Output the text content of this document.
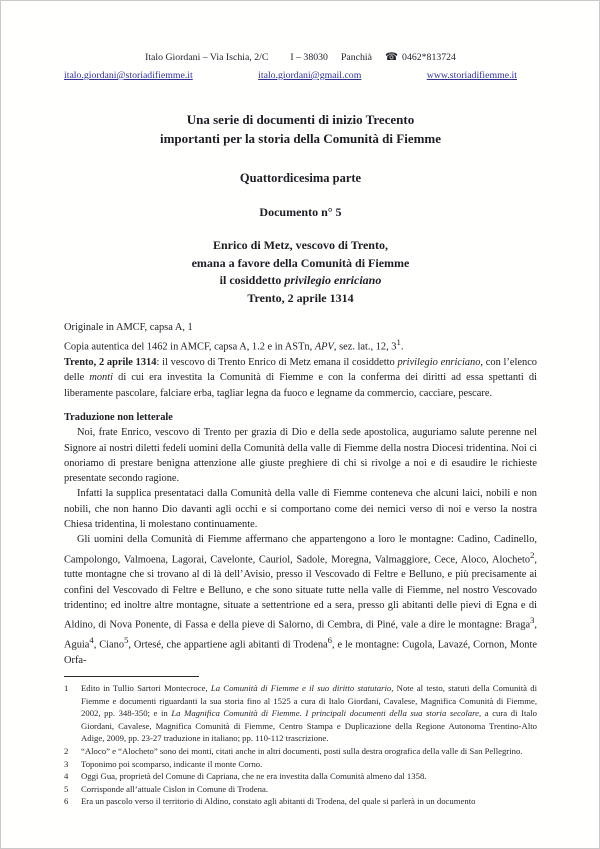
Italo Giordani – Via Ischia, 2/C I – 38030 Panchià ☎ 0462*813724
italo.giordani@storiadifiemme.it	italo.giordani@gmail.com	www.storiadifiemme.it
Una serie di documenti di inizio Trecento
importanti per la storia della Comunità di Fiemme
Quattordicesima parte
Documento n° 5
Enrico di Metz, vescovo di Trento,
emana a favore della Comunità di Fiemme
il cosiddetto privilegio enriciano
Trento, 2 aprile 1314
Originale in AMCF, capsa A, 1
Copia autentica del 1462 in AMCF, capsa A, 1.2 e in ASTn, APV, sez. lat., 12, $3^1$.
Trento, 2 aprile 1314: il vescovo di Trento Enrico di Metz emana il cosiddetto privilegio enriciano, con l’elenco delle monti di cui era investita la Comunità di Fiemme e con la conferma dei diritti ad essa spettanti di liberamente pascolare, falciare erba, tagliar legna da fuoco e legname da commercio, cacciare, pescare.
Traduzione non letterale

Noi, frate Enrico, vescovo di Trento per grazia di Dio e della sede apostolica, auguriamo salute perenne nel Signore ai nostri diletti fedeli uomini della Comunità della valle di Fiemme della nostra Diocesi tridentina. Noi ci onoriamo di prestare benigna attenzione alle giuste preghiere di chi si rivolge a noi e di esaudire le richieste presentate secondo ragione.

Infatti la supplica presentataci dalla Comunità della valle di Fiemme conteneva che alcuni laici, nobili e non nobili, che non hanno Dio davanti agli occhi e si comportano come dei nemici verso di noi e verso la nostra Chiesa tridentina, li molestano continuamente.

Gli uomini della Comunità di Fiemme affermano che appartengono a loro le montagne: Cadino, Cadinello, Campolongo, Valmoena, Lagorai, Cavelonte, Cauriol, Sadole, Moregna, Valmaggiore, Cece, Aloco, Alocheto$^2$, tutte montagne che si trovano al di là dell’Avisio, presso il Vescovado di Feltre e Belluno, e più precisamente ai confini del Vescovado di Feltre e Belluno, e che sono situate tutte nella valle di Fiemme, nel nostro Vescovado tridentino; ed inoltre altre montagne, situate a settentrione ed a sera, presso gli abitanti delle pievi di Egna e di Aldino, di Nova Ponente, di Fassa e della pieve di Salorno, di Cembra, di Piné, vale a dire le montagne: Braga$^3$, Aguia$^4$, Ciano$^5$, Ortesé, che appartiene agli abitanti di Trodena$^6$, e le montagne: Cugola, Lavazé, Cornon, Monte Orfa-

1	Edito in Tullio Sartori Montecroce, La Comunità di Fiemme e il suo diritto statutario, Note al testo, statuti della Comunità di Fiemme e documenti riguardanti la sua storia fino al 1525 a cura di Italo Giordani, Cavalese, Magnifica Comunità di Fiemme, 2002, pp. 348-350; e in La Magnifica Comunità di Fiemme. I principali documenti della sua storia secolare, a cura di Italo Giordani, Cavalese, Magnifica Comunità di Fiemme, Centro Stampa e Duplicazione della Regione Autonoma Trentino-Alto Adige, 2009, pp. 23-27 traduzione in italiano; pp. 110-112 trascrizione.
2	“Aloco” e “Alocheto” sono dei monti, citati anche in altri documenti, posti sulla destra orografica della valle di San Pellegrino.
3	Toponimo poi scomparso, indicante il monte Corno.
4	Oggi Gua, proprietà del Comune di Capriana, che ne era investita dalla Comunità almeno dal 1358.
5	Corrisponde all’attuale Cislon in Comune di Trodena.
6	Era un pascolo verso il territorio di Aldino, constato agli abitanti di Trodena, del quale si parlerà in un documento
